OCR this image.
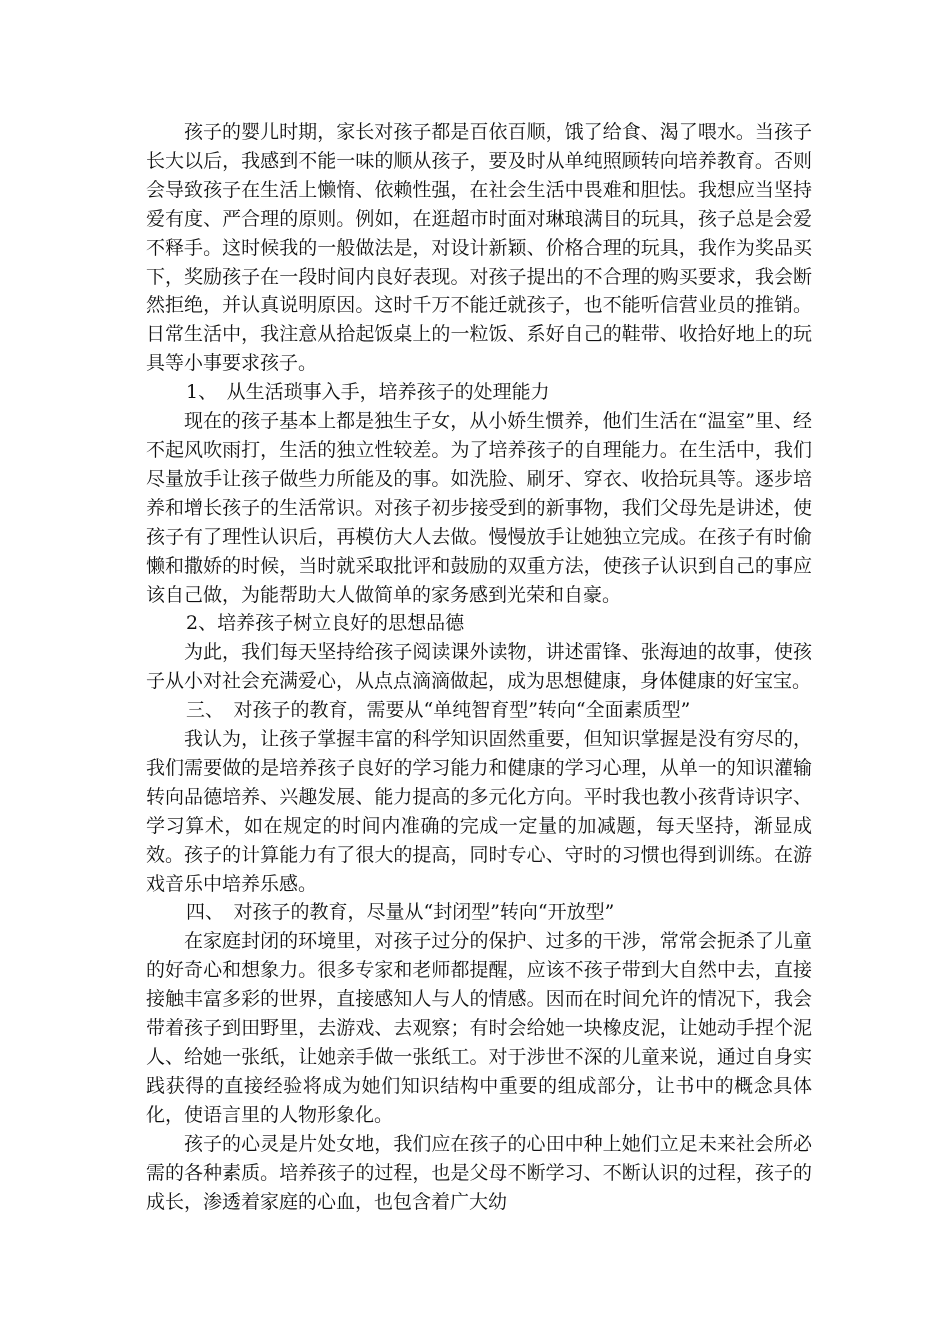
孩子的婴儿时期，家长对孩子都是百依百顺，饿了给食、渴了喂水。当孩子长大以后，我感到不能一味的顺从孩子，要及时从单纯照顾转向培养教育。否则会导致孩子在生活上懒惰、依赖性强，在社会生活中畏难和胆怯。我想应当坚持爱有度、严合理的原则。例如，在逛超市时面对琳琅满目的玩具，孩子总是会爱不释手。这时候我的一般做法是，对设计新颖、价格合理的玩具，我作为奖品买下，奖励孩子在一段时间内良好表现。对孩子提出的不合理的购买要求，我会断然拒绝，并认真说明原因。这时千万不能迁就孩子，也不能听信营业员的推销。日常生活中，我注意从拾起饭桌上的一粒饭、系好自己的鞋带、收拾好地上的玩具等小事要求孩子。

1、　从生活琐事入手，培养孩子的处理能力

现在的孩子基本上都是独生子女，从小娇生惯养，他们生活在“温室”里、经不起风吹雨打，生活的独立性较差。为了培养孩子的自理能力。在生活中，我们尽量放手让孩子做些力所能及的事。如洗脸、刷牙、穿衣、收拾玩具等。逐步培养和增长孩子的生活常识。对孩子初步接受到的新事物，我们父母先是讲述，使孩子有了理性认识后，再模仿大人去做。慢慢放手让她独立完成。在孩子有时偷懒和撒娇的时候，当时就采取批评和鼓励的双重方法，使孩子认识到自己的事应该自己做，为能帮助大人做简单的家务感到光荣和自豪。

2、培养孩子树立良好的思想品德

为此，我们每天坚持给孩子阅读课外读物，讲述雷锋、张海迪的故事，使孩子从小对社会充满爱心，从点点滴滴做起，成为思想健康，身体健康的好宝宝。

三、　对孩子的教育，需要从“单纯智育型”转向“全面素质型”

我认为，让孩子掌握丰富的科学知识固然重要，但知识掌握是没有穷尽的，我们需要做的是培养孩子良好的学习能力和健康的学习心理，从单一的知识灌输转向品德培养、兴趣发展、能力提高的多元化方向。平时我也教小孩背诗识字、学习算术，如在规定的时间内准确的完成一定量的加减题，每天坚持，渐显成效。孩子的计算能力有了很大的提高，同时专心、守时的习惯也得到训练。在游戏音乐中培养乐感。

四、　对孩子的教育，尽量从“封闭型”转向“开放型”

在家庭封闭的环境里，对孩子过分的保护、过多的干涉，常常会扼杀了儿童的好奇心和想象力。很多专家和老师都提醒，应该不孩子带到大自然中去，直接接触丰富多彩的世界，直接感知人与人的情感。因而在时间允许的情况下，我会带着孩子到田野里，去游戏、去观察；有时会给她一块橡皮泥，让她动手捏个泥人、给她一张纸，让她亲手做一张纸工。对于涉世不深的儿童来说，通过自身实践获得的直接经验将成为她们知识结构中重要的组成部分，让书中的概念具体化，使语言里的人物形象化。

孩子的心灵是片处女地，我们应在孩子的心田中种上她们立足未来社会所必需的各种素质。培养孩子的过程，也是父母不断学习、不断认识的过程，孩子的成长，渗透着家庭的心血，也包含着广大幼
